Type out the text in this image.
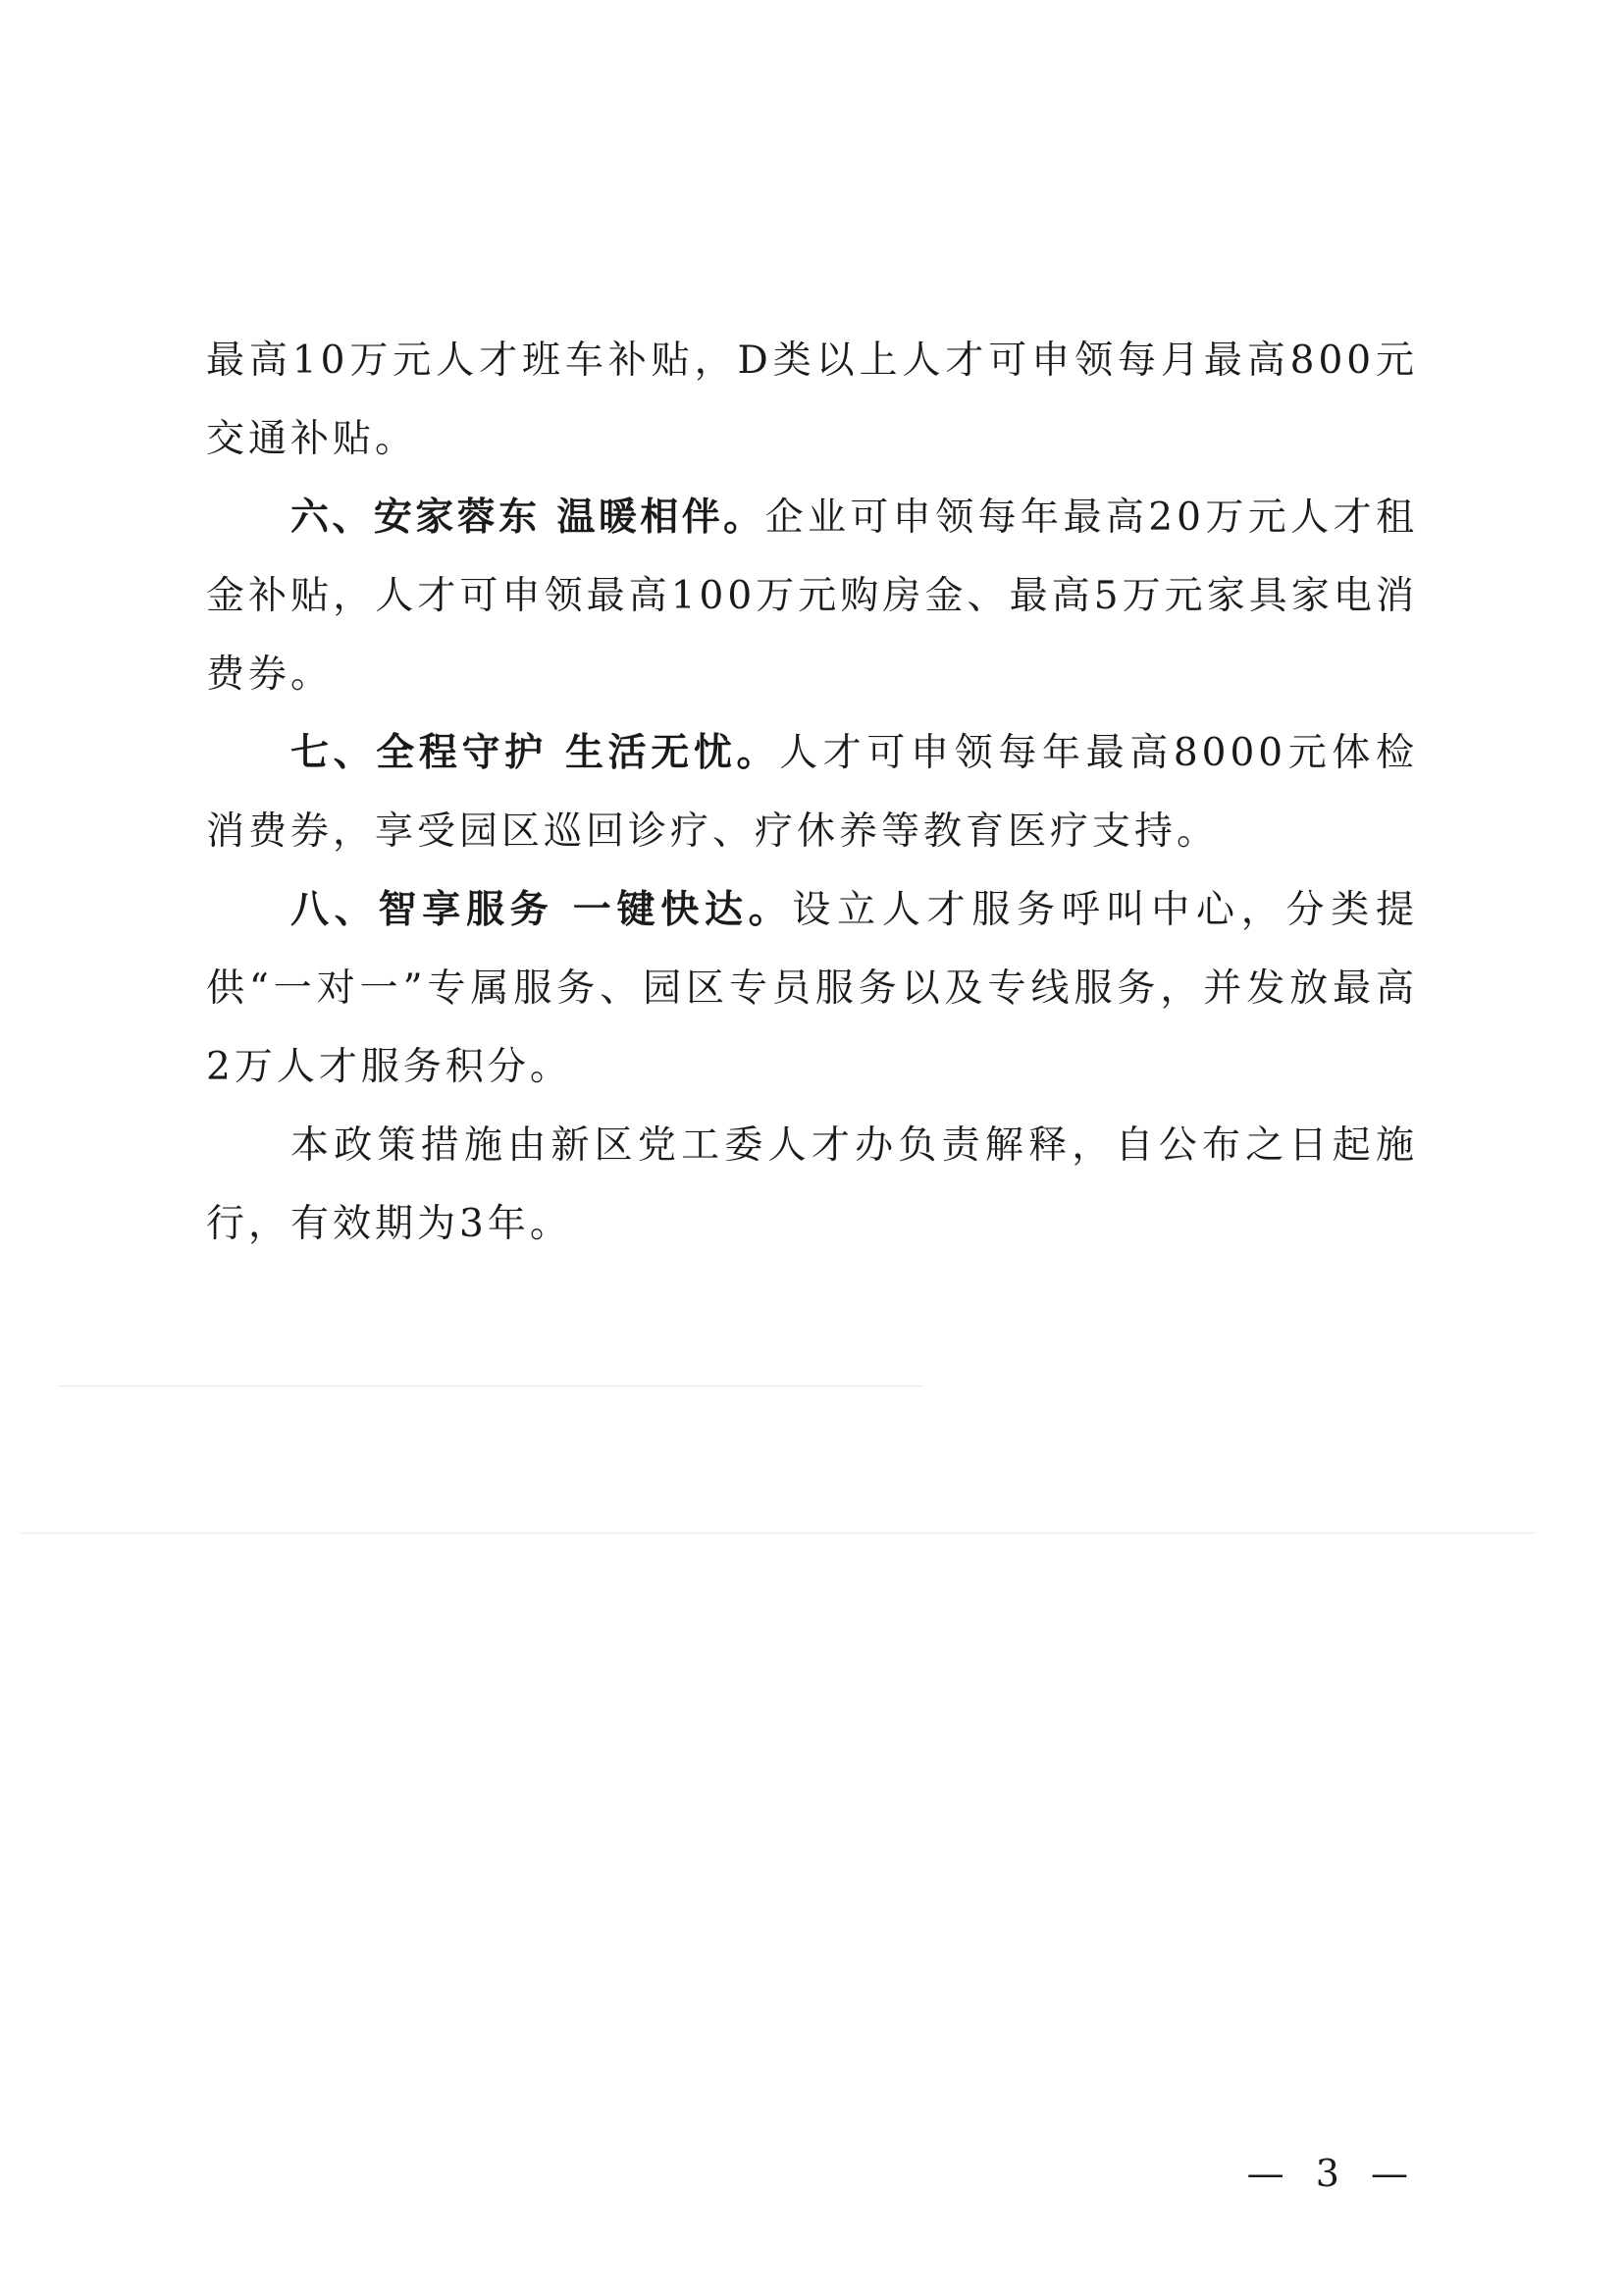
最高10万元人才班车补贴，D类以上人才可申领每月最高800元交通补贴。

六、安家蓉东 温暖相伴。企业可申领每年最高20万元人才租金补贴，人才可申领最高100万元购房金、最高5万元家具家电消费券。

七、全程守护 生活无忧。人才可申领每年最高8000元体检消费券，享受园区巡回诊疗、疗休养等教育医疗支持。

八、智享服务 一键快达。设立人才服务呼叫中心，分类提供“一对一”专属服务、园区专员服务以及专线服务，并发放最高2万人才服务积分。

本政策措施由新区党工委人才办负责解释，自公布之日起施行，有效期为3年。

— 3 —
